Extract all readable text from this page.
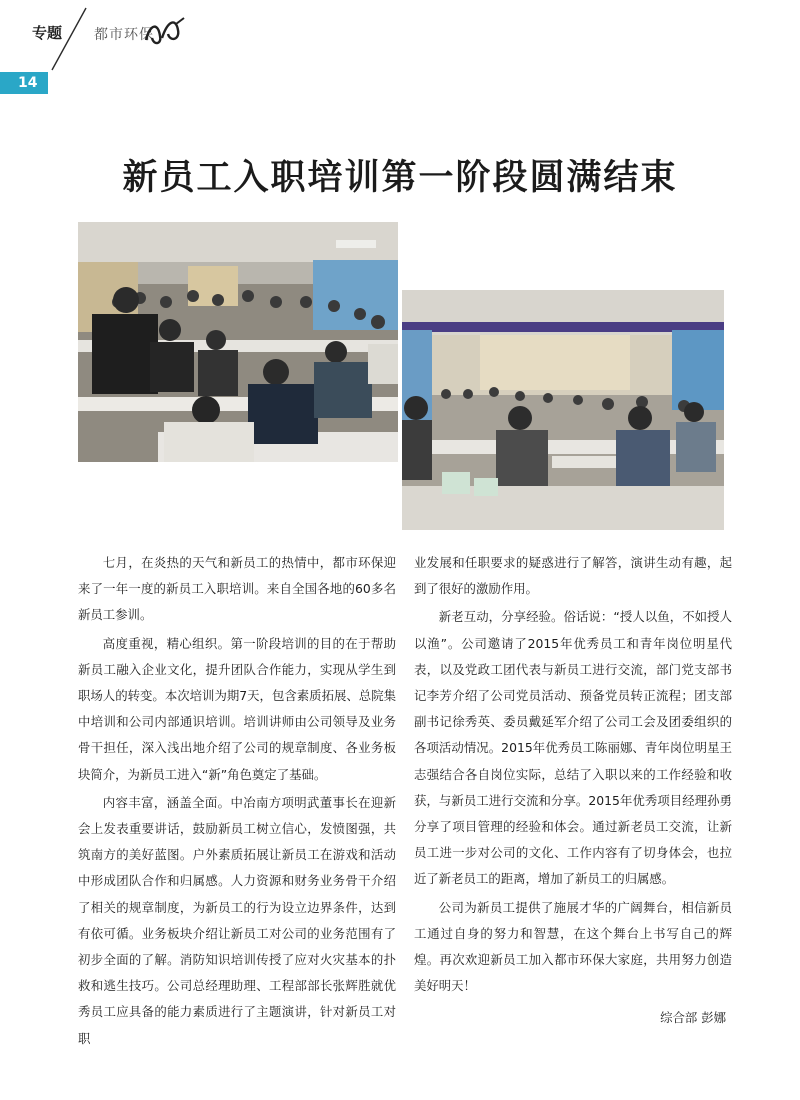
专题 都市环保
14
新员工入职培训第一阶段圆满结束

七月，在炎热的天气和新员工的热情中，都市环保迎来了一年一度的新员工入职培训。来自全国各地的60多名新员工参训。

高度重视，精心组织。第一阶段培训的目的在于帮助新员工融入企业文化，提升团队合作能力，实现从学生到职场人的转变。本次培训为期7天，包含素质拓展、总院集中培训和公司内部通识培训。培训讲师由公司领导及业务骨干担任，深入浅出地介绍了公司的规章制度、各业务板块简介，为新员工进入“新”角色奠定了基础。

内容丰富，涵盖全面。中冶南方项明武董事长在迎新会上发表重要讲话，鼓励新员工树立信心，发愤图强，共筑南方的美好蓝图。户外素质拓展让新员工在游戏和活动中形成团队合作和归属感。人力资源和财务业务骨干介绍了相关的规章制度，为新员工的行为设立边界条件，达到有依可循。业务板块介绍让新员工对公司的业务范围有了初步全面的了解。消防知识培训传授了应对火灾基本的扑救和逃生技巧。公司总经理助理、工程部部长张辉胜就优秀员工应具备的能力素质进行了主题演讲，针对新员工对职

业发展和任职要求的疑惑进行了解答，演讲生动有趣，起到了很好的激励作用。

新老互动，分享经验。俗话说：“授人以鱼，不如授人以渔”。公司邀请了2015年优秀员工和青年岗位明星代表，以及党政工团代表与新员工进行交流，部门党支部书记李芳介绍了公司党员活动、预备党员转正流程；团支部副书记徐秀英、委员戴延军介绍了公司工会及团委组织的各项活动情况。2015年优秀员工陈丽娜、青年岗位明星王志强结合各自岗位实际，总结了入职以来的工作经验和收获，与新员工进行交流和分享。2015年优秀项目经理孙勇分享了项目管理的经验和体会。通过新老员工交流，让新员工进一步对公司的文化、工作内容有了切身体会，也拉近了新老员工的距离，增加了新员工的归属感。

公司为新员工提供了施展才华的广阔舞台，相信新员工通过自身的努力和智慧，在这个舞台上书写自己的辉煌。再次欢迎新员工加入都市环保大家庭，共用努力创造美好明天！

综合部 彭娜
